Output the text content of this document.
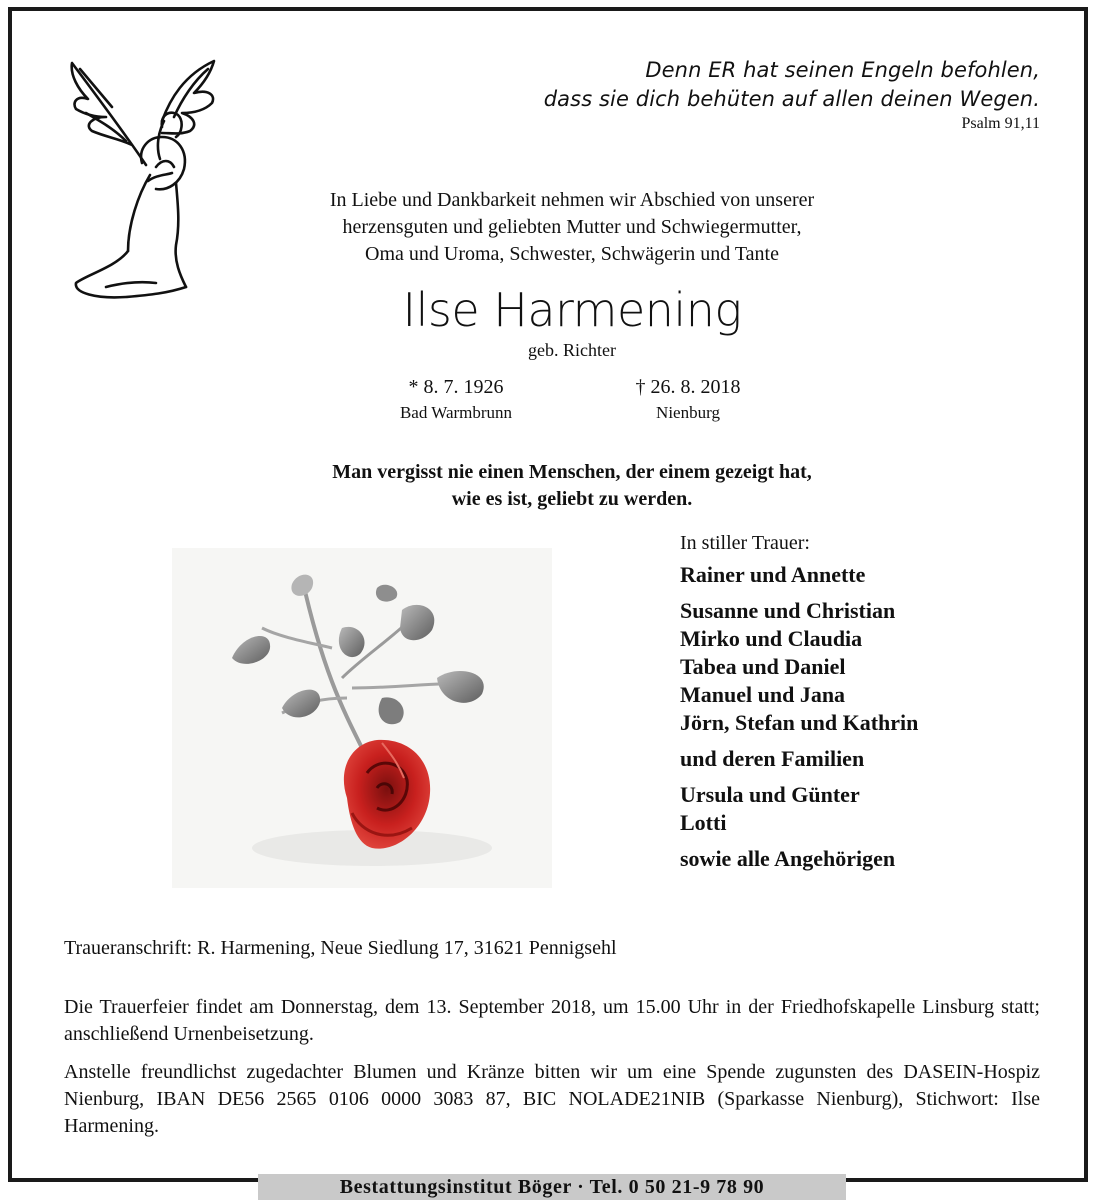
Denn ER hat seinen Engeln befohlen,
dass sie dich behüten auf allen deinen Wegen.
Psalm 91,11
In Liebe und Dankbarkeit nehmen wir Abschied von unserer
herzensguten und geliebten Mutter und Schwiegermutter,
Oma und Uroma, Schwester, Schwägerin und Tante
Ilse Harmening
geb. Richter
* 8. 7. 1926	† 26. 8. 2018
Bad Warmbrunn	Nienburg
Man vergisst nie einen Menschen, der einem gezeigt hat,
wie es ist, geliebt zu werden.
In stiller Trauer:
Rainer und Annette
Susanne und Christian
Mirko und Claudia
Tabea und Daniel
Manuel und Jana
Jörn, Stefan und Kathrin
und deren Familien
Ursula und Günter
Lotti
sowie alle Angehörigen
Traueranschrift: R. Harmening, Neue Siedlung 17, 31621 Pennigsehl
Die Trauerfeier findet am Donnerstag, dem 13. September 2018, um 15.00 Uhr in der Friedhofskapelle Linsburg statt; anschließend Urnenbeisetzung.
Anstelle freundlichst zugedachter Blumen und Kränze bitten wir um eine Spende zugunsten des DASEIN-Hospiz Nienburg, IBAN DE56 2565 0106 0000 3083 87, BIC NOLADE21NIB (Sparkasse Nienburg), Stichwort: Ilse Harmening.
Bestattungsinstitut Böger · Tel. 0 50 21-9 78 90
